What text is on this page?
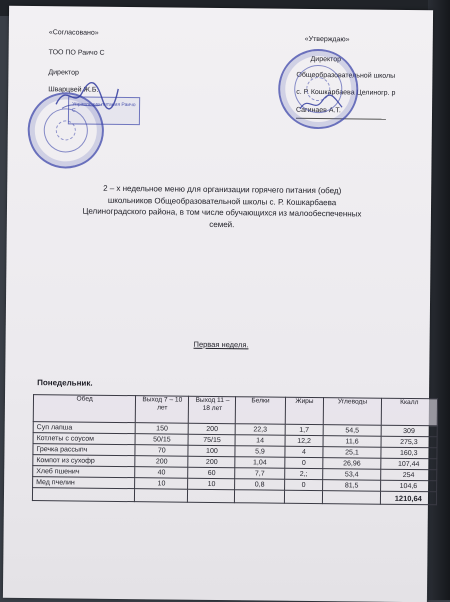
«Согласовано»
ТОО ПО Раичо С
Директор
Шварцвей Ж.Б.
Управление питания Раичо С
«Утверждаю»
Директор
Общеобразовательной школы
с. Р. Кошкарбаева Целиногр. р
Сагинаев А.Т.
2 – х недельное меню для организации горячего питания (обед)
школьников Общеобразовательной школы с. Р. Кошкарбаева
Целиноградского района, в том числе обучающихся из малообеспеченных
семей.
Первая неделя.
Понедельник.
Обед	Выход 7 – 10 лет	Выход 11 – 18 лет	Белки	Жиры	Углеводы	Ккалл
Суп лапша	150	200	22,3	1,7	54,5	309
Котлеты с соусом	50/15	75/15	14	12,2	11,6	275,3
Гречка рассыпч	70	100	5,9	4	25,1	160,3
Компот из сухофр	200	200	1,04	0	26,96	107,44
Хлеб пшенич	40	60	7,7	2,;	53,4	254
Мед пчелин	10	10	0,8	0	81,5	104,6
						1210,64
